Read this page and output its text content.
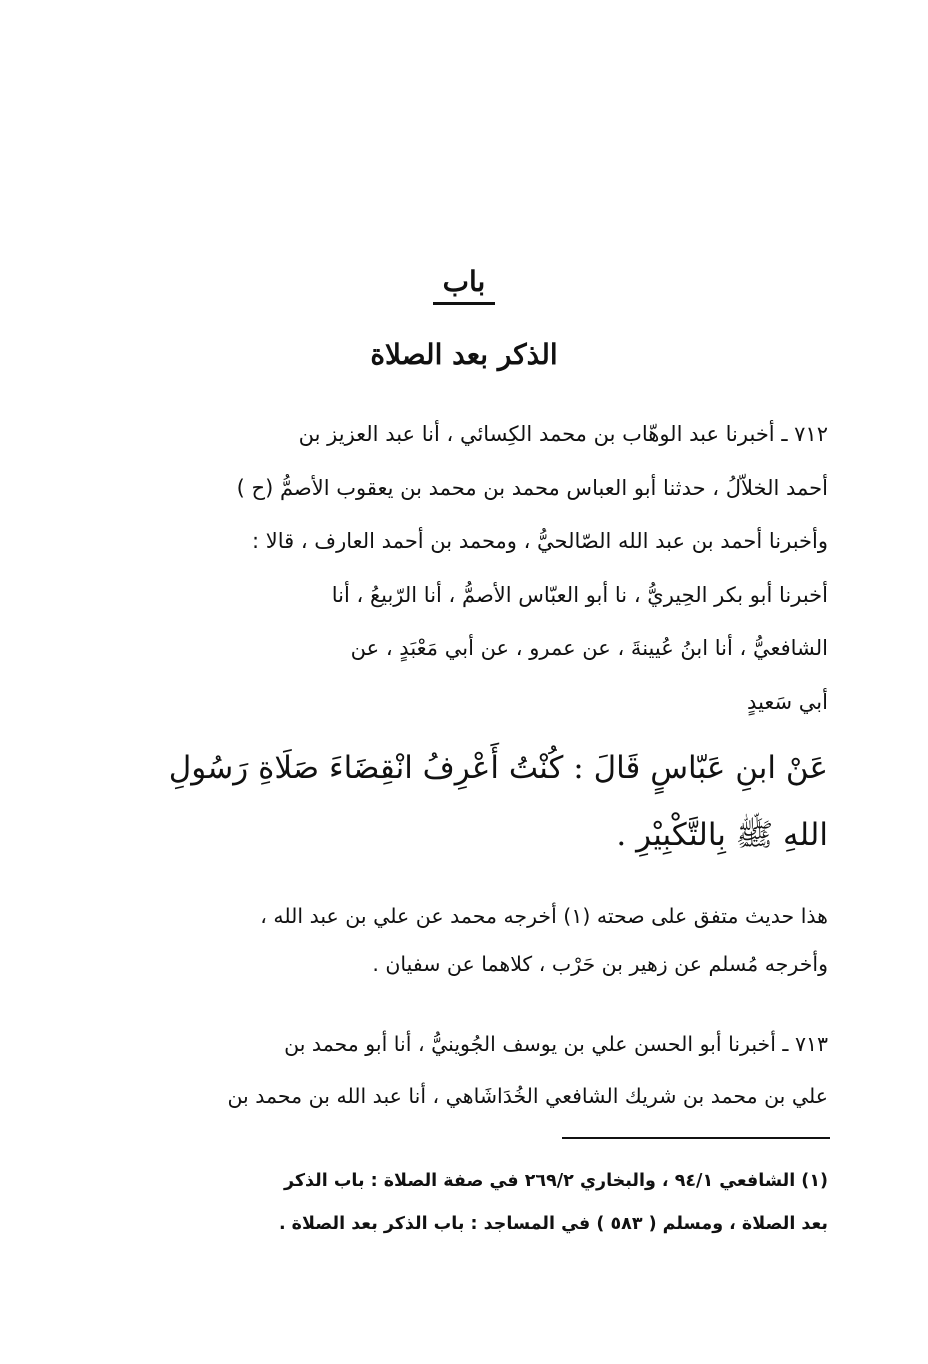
باب
الذكر بعد الصلاة
٧١٢ ـ أخبرنا عبد الوهّاب بن محمد الكِسائي ، أنا عبد العزيز بن
أحمد الخلاّلُ ، حدثنا أبو العباس محمد بن محمد بن يعقوب الأصمُّ (ح )
وأخبرنا أحمد بن عبد الله الصّالحيُّ ، ومحمد بن أحمد العارف ، قالا :
أخبرنا أبو بكر الحِيريُّ ، نا أبو العبّاس الأصمُّ ، أنا الرّبيعُ ، أنا
الشافعيُّ ، أنا ابنُ عُيينةَ ، عن عمرو ، عن أبي مَعْبَدٍ ، عن
أبي سَعيدٍ
عَنْ ابنِ عَبّاسٍ قَالَ : كُنْتُ أَعْرِفُ انْقِضَاءَ صَلَاةِ رَسُولِ
اللهِ ﷺ بِالتَّكْبِيْرِ .
هذا حديث متفق على صحته (١) أخرجه محمد عن علي بن عبد الله ،
وأخرجه مُسلم عن زهير بن حَرْب ، كلاهما عن سفيان .
٧١٣ ـ أخبرنا أبو الحسن علي بن يوسف الجُوينيُّ ، أنا أبو محمد بن
علي بن محمد بن شريك الشافعي الخُدَاشَاهي ، أنا عبد الله بن محمد بن
(١) الشافعي ٩٤/١ ، والبخاري ٢٦٩/٢ في صفة الصلاة : باب الذكر
بعد الصلاة ، ومسلم ( ٥٨٣ ) في المساجد : باب الذكر بعد الصلاة .
